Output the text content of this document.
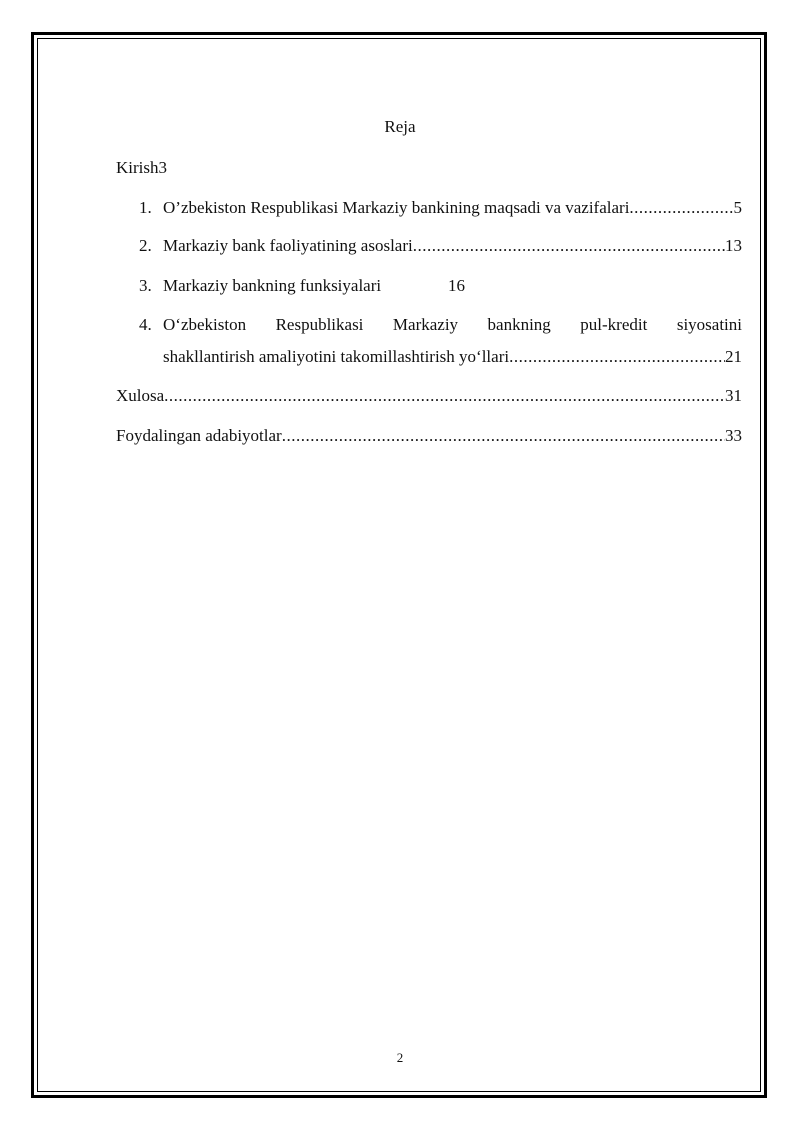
Reja
Kirish3
1. O’zbekiston Respublikasi Markaziy bankining maqsadi va vazifalari .....	5
2. Markaziy bank faoliyatining asoslari .....	13
3. Markaziy bankning funksiyalari	16
4. O‘zbekiston Respublikasi Markaziy bankning pul-kredit siyosatini
shakllantirish amaliyotini takomillashtirish yo‘llari .....	21
Xulosa .....	31
Foydalingan adabiyotlar .....	33
2
